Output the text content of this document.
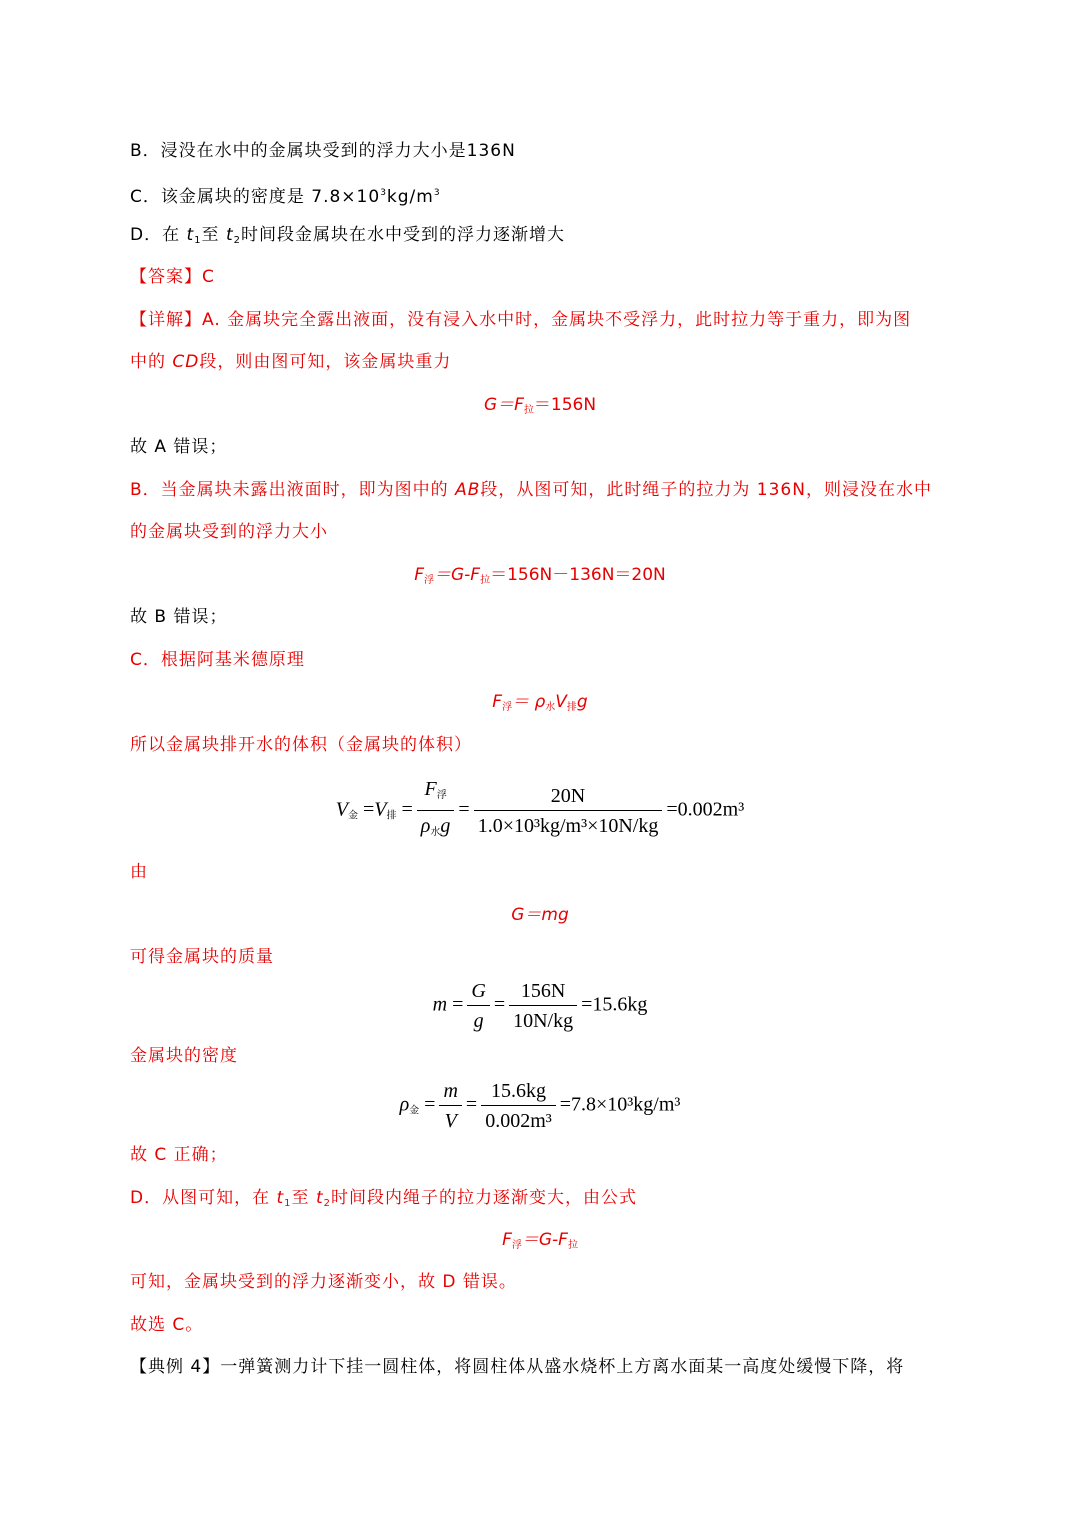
B．浸没在水中的金属块受到的浮力大小是136N
C．该金属块的密度是 $7.8\times 10^3kg/m^3$
D．在 $t_1$至 $t_2$时间段金属块在水中受到的浮力逐渐增大
【答案】C
【详解】A. 金属块完全露出液面，没有浸入水中时，金属块不受浮力，此时拉力等于重力，即为图
中的 CD段，则由图可知，该金属块重力
$G=F_拉=156N$
故 A 错误；
B．当金属块未露出液面时，即为图中的 AB段，从图可知，此时绳子的拉力为 136N，则浸没在水中
的金属块受到的浮力大小
$F_浮=G-F_拉=156N-136N=20N$
故 B 错误；
C．根据阿基米德原理
$F_浮= \rho_水V_排g$
所以金属块排开水的体积（金属块的体积）
$V_金 =V_排 = \frac{F_浮}{\rho_水g} = \frac{20N}{\text{1.0×10³kg/m³×10N/kg}} =0.002m^3$
由
G＝mg
可得金属块的质量
$m = \frac{G}{g} = \frac{156N}{10N/kg} =15.6kg$
金属块的密度
$\rho_金 = \frac{m}{V} = \frac{15.6kg}{\text{0.002m³}} =7.8\times 10^3kg/m^3$
故 C 正确；
D．从图可知，在 $t_1$至 $t_2$时间段内绳子的拉力逐渐变大，由公式
$F_浮=G-F_拉$
可知，金属块受到的浮力逐渐变小，故 D 错误。
故选 C。
【典例 4】一弹簧测力计下挂一圆柱体，将圆柱体从盛水烧杯上方离水面某一高度处缓慢下降，将
